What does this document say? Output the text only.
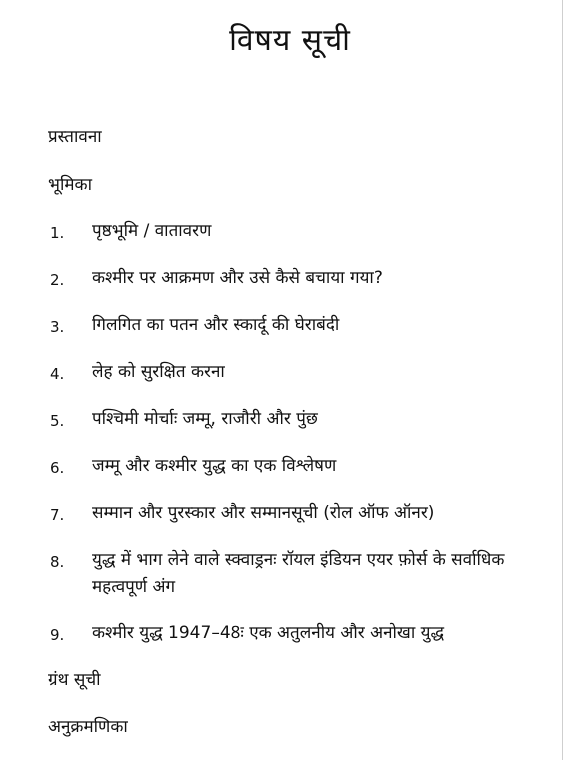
विषय सूची

प्रस्तावना

भूमिका

1.	पृष्ठभूमि / वातावरण
2.	कश्मीर पर आक्रमण और उसे कैसे बचाया गया?
3.	गिलगित का पतन और स्कार्दू की घेराबंदी
4.	लेह को सुरक्षित करना
5.	पश्चिमी मोर्चाः जम्मू, राजौरी और पुंछ
6.	जम्मू और कश्मीर युद्ध का एक विश्लेषण
7.	सम्मान और पुरस्कार और सम्मानसूची (रोल ऑफ ऑनर)
8.	युद्ध में भाग लेने वाले स्क्वाड्रनः रॉयल इंडियन एयर फ़ोर्स के सर्वाधिक महत्वपूर्ण अंग
9.	कश्मीर युद्ध 1947–48ः एक अतुलनीय और अनोखा युद्ध

ग्रंथ सूची

अनुक्रमणिका
